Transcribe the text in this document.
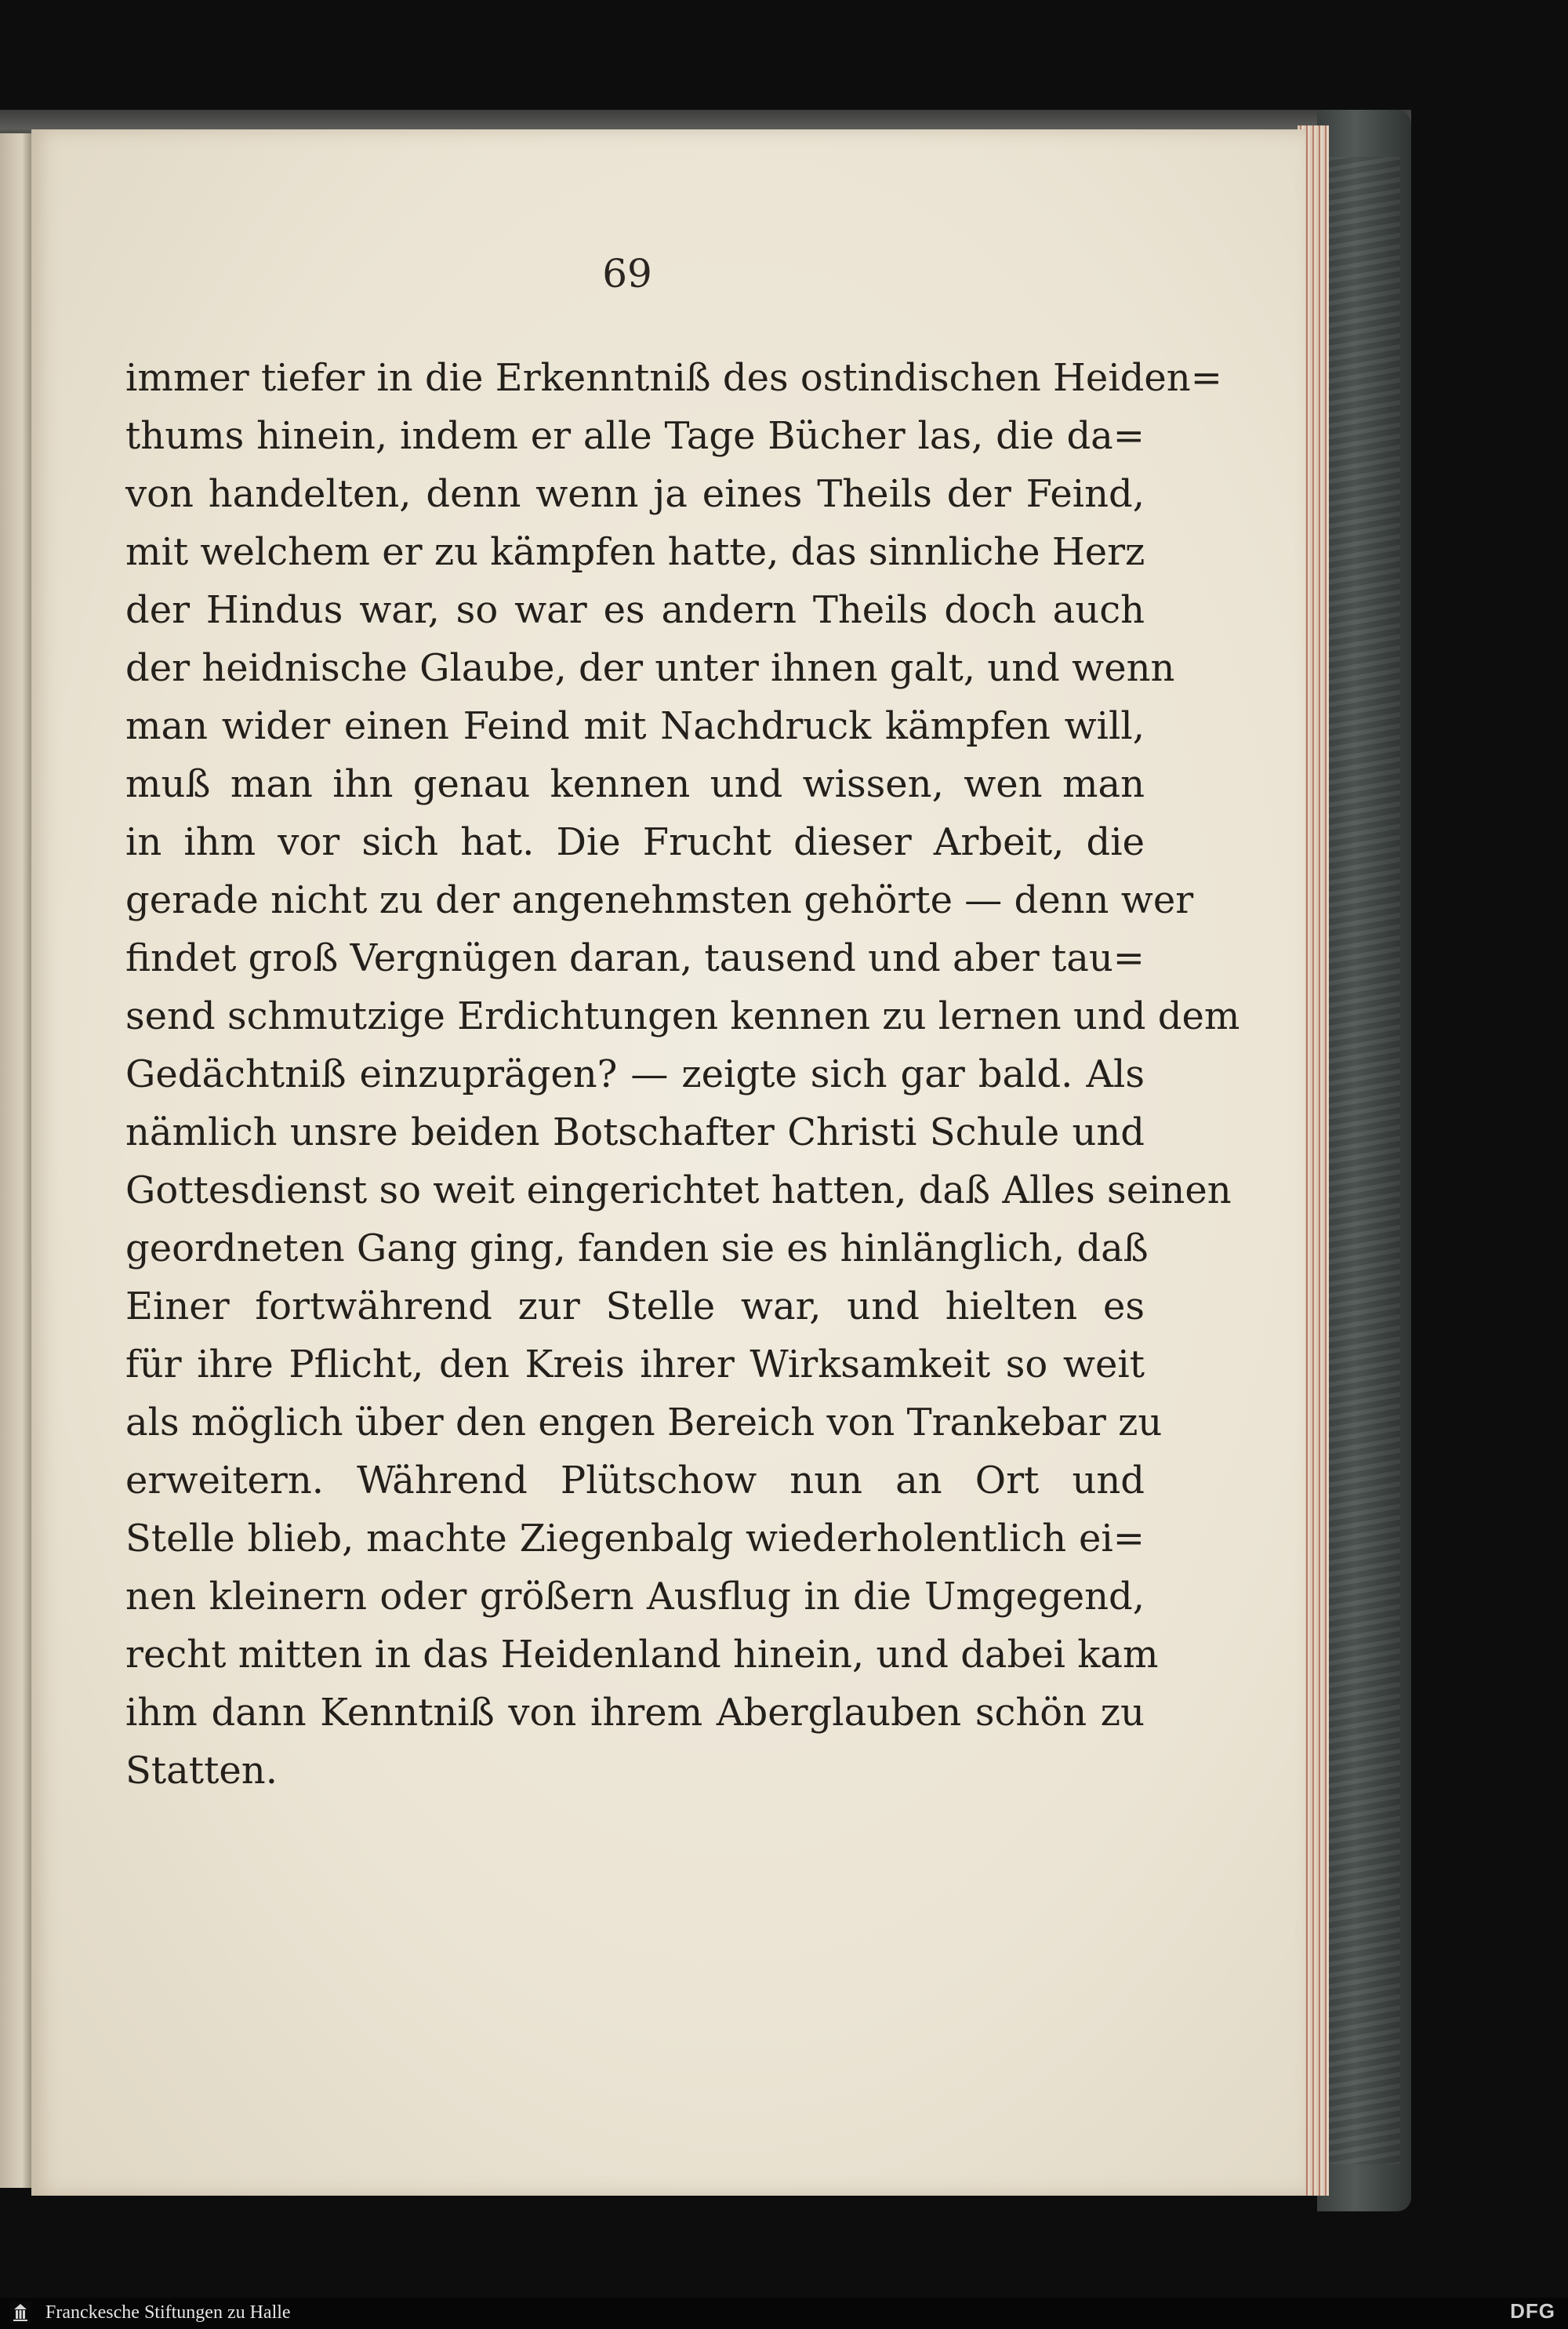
69
immer tiefer in die Erkenntniß des ostindischen Heiden=
thums hinein, indem er alle Tage Bücher las, die da=
von handelten, denn wenn ja eines Theils der Feind,
mit welchem er zu kämpfen hatte, das sinnliche Herz
der Hindus war, so war es andern Theils doch auch
der heidnische Glaube, der unter ihnen galt, und wenn
man wider einen Feind mit Nachdruck kämpfen will,
muß man ihn genau kennen und wissen, wen man
in ihm vor sich hat. Die Frucht dieser Arbeit, die
gerade nicht zu der angenehmsten gehörte — denn wer
findet groß Vergnügen daran, tausend und aber tau=
send schmutzige Erdichtungen kennen zu lernen und dem
Gedächtniß einzuprägen? — zeigte sich gar bald. Als
nämlich unsre beiden Botschafter Christi Schule und
Gottesdienst so weit eingerichtet hatten, daß Alles seinen
geordneten Gang ging, fanden sie es hinlänglich, daß
Einer fortwährend zur Stelle war, und hielten es
für ihre Pflicht, den Kreis ihrer Wirksamkeit so weit
als möglich über den engen Bereich von Trankebar zu
erweitern. Während Plütschow nun an Ort und
Stelle blieb, machte Ziegenbalg wiederholentlich ei=
nen kleinern oder größern Ausflug in die Umgegend,
recht mitten in das Heidenland hinein, und dabei kam
ihm dann Kenntniß von ihrem Aberglauben schön zu
Statten.
Franckesche Stiftungen zu Halle	DFG
